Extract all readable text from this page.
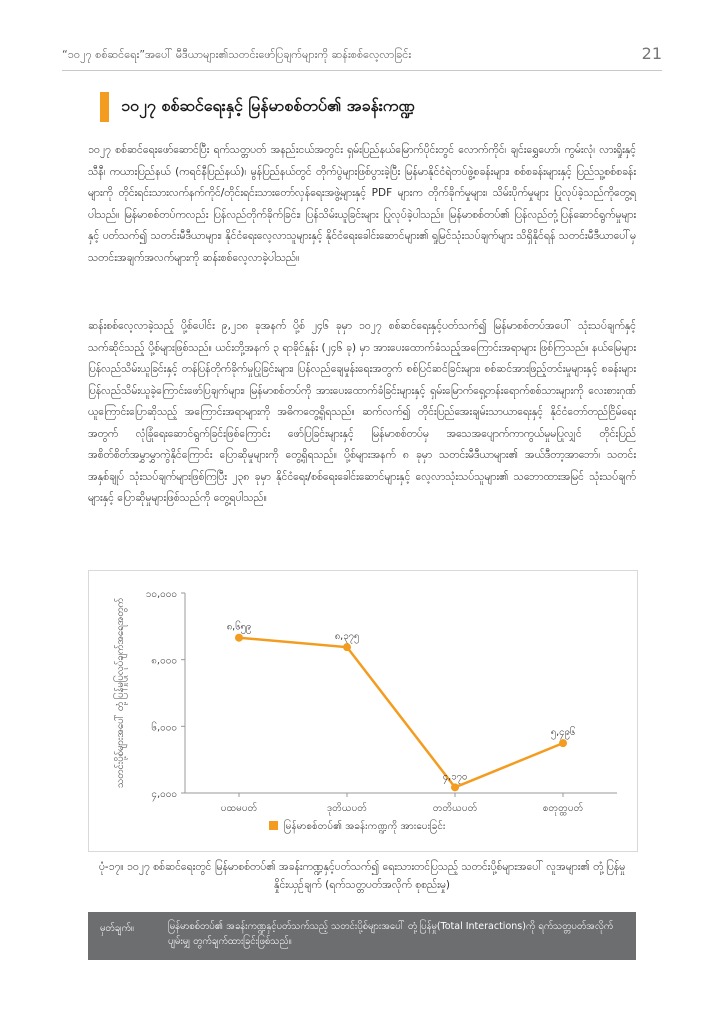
“၁၀၂၇ စစ်ဆင်ရေး”အပေါ် မီဒီယာများ၏သတင်းဖော်ပြချက်များကို ဆန်းစစ်လေ့လာခြင်း	21
၁၀၂၇ စစ်ဆင်ရေးနှင့် မြန်မာစစ်တပ်၏ အခန်းကဏ္ဍ

၁၀၂၇ စစ်ဆင်ရေးဖော်ဆောင်ပြီး ရက်သတ္တပတ် အနည်းငယ်အတွင်း ရှမ်းပြည်နယ်မြောက်ပိုင်းတွင် လောက်ကိုင်၊ ချင်းရွှေဟော်၊ ကွမ်းလုံ၊ လားရှိုးနှင့်သီနီ၊ ကယားပြည်နယ် (ကရင်နီပြည်နယ်)၊ မွန်ပြည်နယ်တွင် တိုက်ပွဲများဖြစ်ပွားခဲ့ပြီး မြန်မာနိုင်ငံရဲတပ်ဖွဲ့စခန်းများ၊ စစ်စခန်းများနှင့် ပြည်သူ့စစ်စခန်းများကို တိုင်းရင်းသားလက်နက်ကိုင်/တိုင်းရင်းသားတော်လှန်ရေးအဖွဲ့များနှင့် PDF များက တိုက်ခိုက်မှုများ၊ သိမ်းပိုက်မှုများ ပြုလုပ်ခဲ့သည်ကိုတွေ့ရပါသည်။ မြန်မာစစ်တပ်ကလည်း ပြန်လည်တိုက်ခိုက်ခြင်း၊ ပြန်သိမ်းယူခြင်းများ ပြုလုပ်ခဲ့ပါသည်။ မြန်မာစစ်တပ်၏ ပြန်လည်တုံ့ပြန်ဆောင်ရွက်မှုများနှင့် ပတ်သက်၍ သတင်းမီဒီယာများ၊ နိုင်ငံရေးလေ့လာသူများနှင့် နိုင်ငံရေးခေါင်းဆောင်များ၏ ရှုမြင်သုံးသပ်ချက်များ သိရှိနိုင်ရန် သတင်းမီဒီယာပေါ်မှ သတင်းအချက်အလက်များကို ဆန်းစစ်လေ့လာခဲ့ပါသည်။

ဆန်းစစ်လေ့လာခဲ့သည့် ပို့စ်ပေါင်း ၉,၂၁၈ ခုအနက် ပို့စ် ၂၄၆ ခုမှာ ၁၀၂၇ စစ်ဆင်ရေးနှင့်ပတ်သက်၍ မြန်မာစစ်တပ်အပေါ် သုံးသပ်ချက်နှင့်သက်ဆိုင်သည့် ပို့စ်များဖြစ်သည်။ ယင်းတို့အနက် ၃ ရာခိုင်နှုန်း (၂၄၆ ခု) မှာ အားပေးထောက်ခံသည့်အကြောင်းအရာများ ဖြစ်ကြသည်။ နယ်မြေများ ပြန်လည်သိမ်းယူခြင်းနှင့် တန်ပြန်တိုက်ခိုက်မှုပြုခြင်းများ၊ ပြန်လည်ချေမှုန်းရေးအတွက် စစ်ပြင်ဆင်ခြင်းများ၊ စစ်ဆင်အားဖြည့်တင်းမှုများနှင့် စခန်းများပြန်လည်သိမ်းယူခဲ့ကြောင်းဖော်ပြချက်များ၊ မြန်မာစစ်တပ်ကို အားပေးထောက်ခံခြင်းများနှင့် ရှမ်းမြောက်ရှေ့တန်းရောက်စစ်သားများကို လေးစားဂုဏ်ယူကြောင်းပြောဆိုသည့် အကြောင်းအရာများကို အဓိကတွေ့ရှိရသည်။ ဆက်လက်၍ တိုင်းပြည်အေးချမ်းသာယာရေးနှင့် နိုင်ငံတော်တည်ငြိမ်ရေးအတွက် လုံခြုံရေးဆောင်ရွက်ခြင်းဖြစ်ကြောင်း ဖော်ပြခြင်းများနှင့် မြန်မာစစ်တပ်မှ အသေအပျောက်ကာကွယ်မှုမပြုလျှင် တိုင်းပြည်အစိတ်စိတ်အမွှာမွှာကွဲနိုင်ကြောင်း ပြောဆိုမှုများကို တွေ့ရှိရသည်။ ပို့စ်များအနက် ၈ ခုမှာ သတင်းမီဒီယာများ၏ အယ်ဒီတာ့အာဘော်၊ သတင်းအနှစ်ချုပ် သုံးသပ်ချက်များဖြစ်ကြပြီး ၂၃၈ ခုမှာ နိုင်ငံရေး/စစ်ရေးခေါင်းဆောင်များနှင့် လေ့လာသုံးသပ်သူများ၏ သဘောထားအမြင် သုံးသပ်ချက်များနှင့် ပြောဆိုမှုများဖြစ်သည်ကို တွေ့ရပါသည်။

၄,၀၀၀
၆,၀၀၀
၈,၀၀၀
၁၀,၀၀၀
သတင်းပို့စ်များအပေါ် တုံ့ပြန်မှုပြုလုပ်ချက်အရေအတွက်
ပထမပတ်	ဒုတိယပတ်	တတိယပတ်	စတုတ္ထပတ်
၈,၆၅၉
၈,၃၇၅
၄,၁၇၀
၅,၄၉၆
မြန်မာစစ်တပ်၏ အခန်းကဏ္ဍကို အားပေးခြင်း
ပုံ-၁၇။ ၁၀၂၇ စစ်ဆင်ရေးတွင် မြန်မာစစ်တပ်၏ အခန်းကဏ္ဍနှင့်ပတ်သက်၍ ရေးသားတင်ပြသည့် သတင်းပို့စ်များအပေါ် လူအများ၏ တုံ့ပြန်မှု နှိုင်းယှဉ်ချက် (ရက်သတ္တပတ်အလိုက် စုစည်းမှု)
မှတ်ချက်။	မြန်မာစစ်တပ်၏ အခန်းကဏ္ဍနှင့်ပတ်သက်သည့် သတင်းပို့စ်များအပေါ် တုံ့ပြန်မှု(Total Interactions)ကို ရက်သတ္တပတ်အလိုက် ပျမ်းမျှ တွက်ချက်ထားခြင်းဖြစ်သည်။
